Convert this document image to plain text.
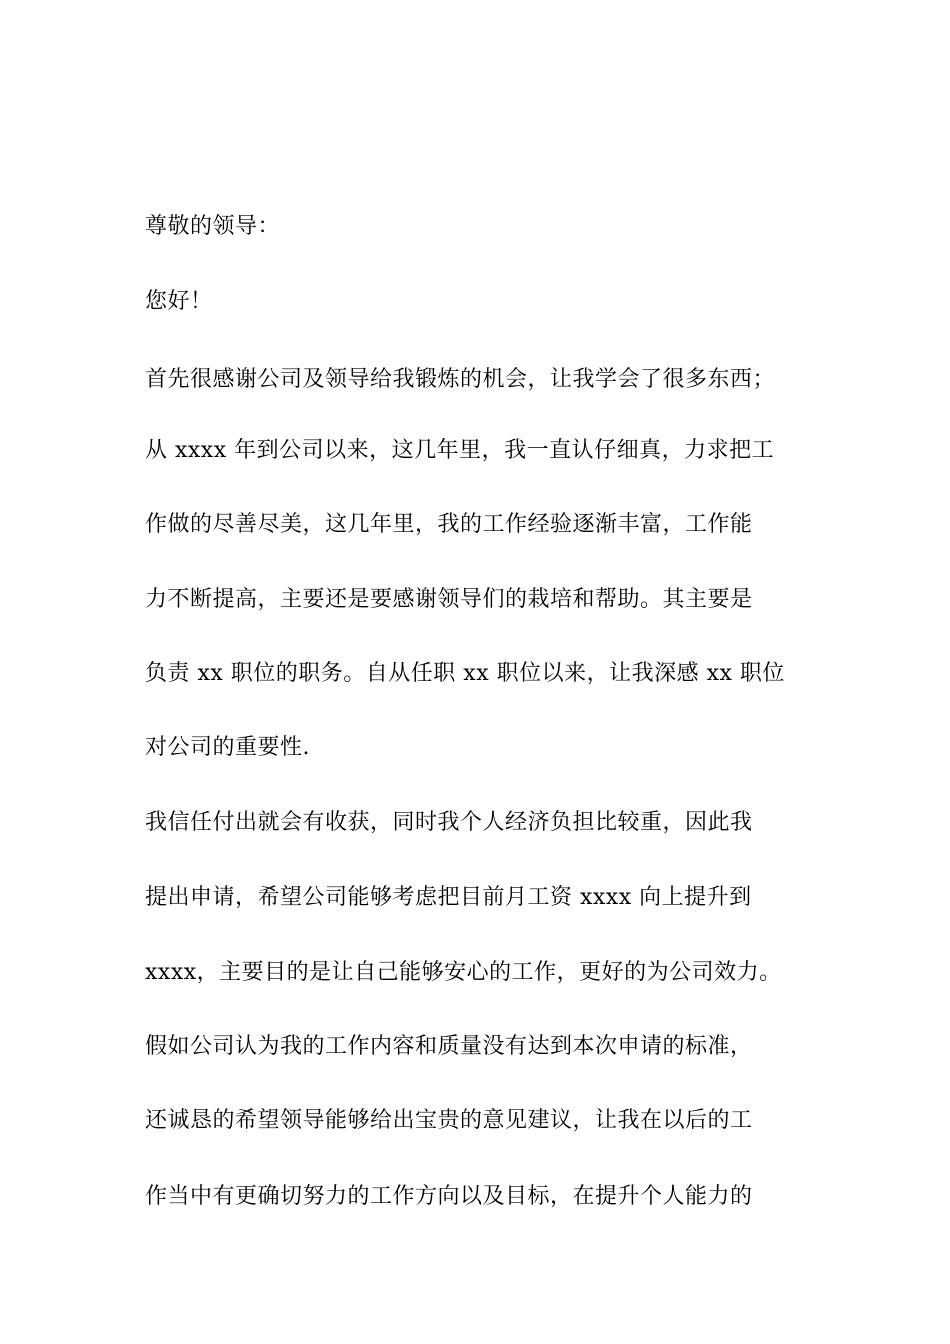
尊敬的领导：
您好！
首先很感谢公司及领导给我锻炼的机会，让我学会了很多东西；
从 xxxx 年到公司以来，这几年里，我一直认仔细真，力求把工
作做的尽善尽美，这几年里，我的工作经验逐渐丰富，工作能
力不断提高，主要还是要感谢领导们的栽培和帮助。其主要是
负责 xx 职位的职务。自从任职 xx 职位以来，让我深感 xx 职位
对公司的重要性.
我信任付出就会有收获，同时我个人经济负担比较重，因此我
提出申请，希望公司能够考虑把目前月工资 xxxx 向上提升到
xxxx，主要目的是让自己能够安心的工作，更好的为公司效力。
假如公司认为我的工作内容和质量没有达到本次申请的标准，
还诚恳的希望领导能够给出宝贵的意见建议，让我在以后的工
作当中有更确切努力的工作方向以及目标，在提升个人能力的
